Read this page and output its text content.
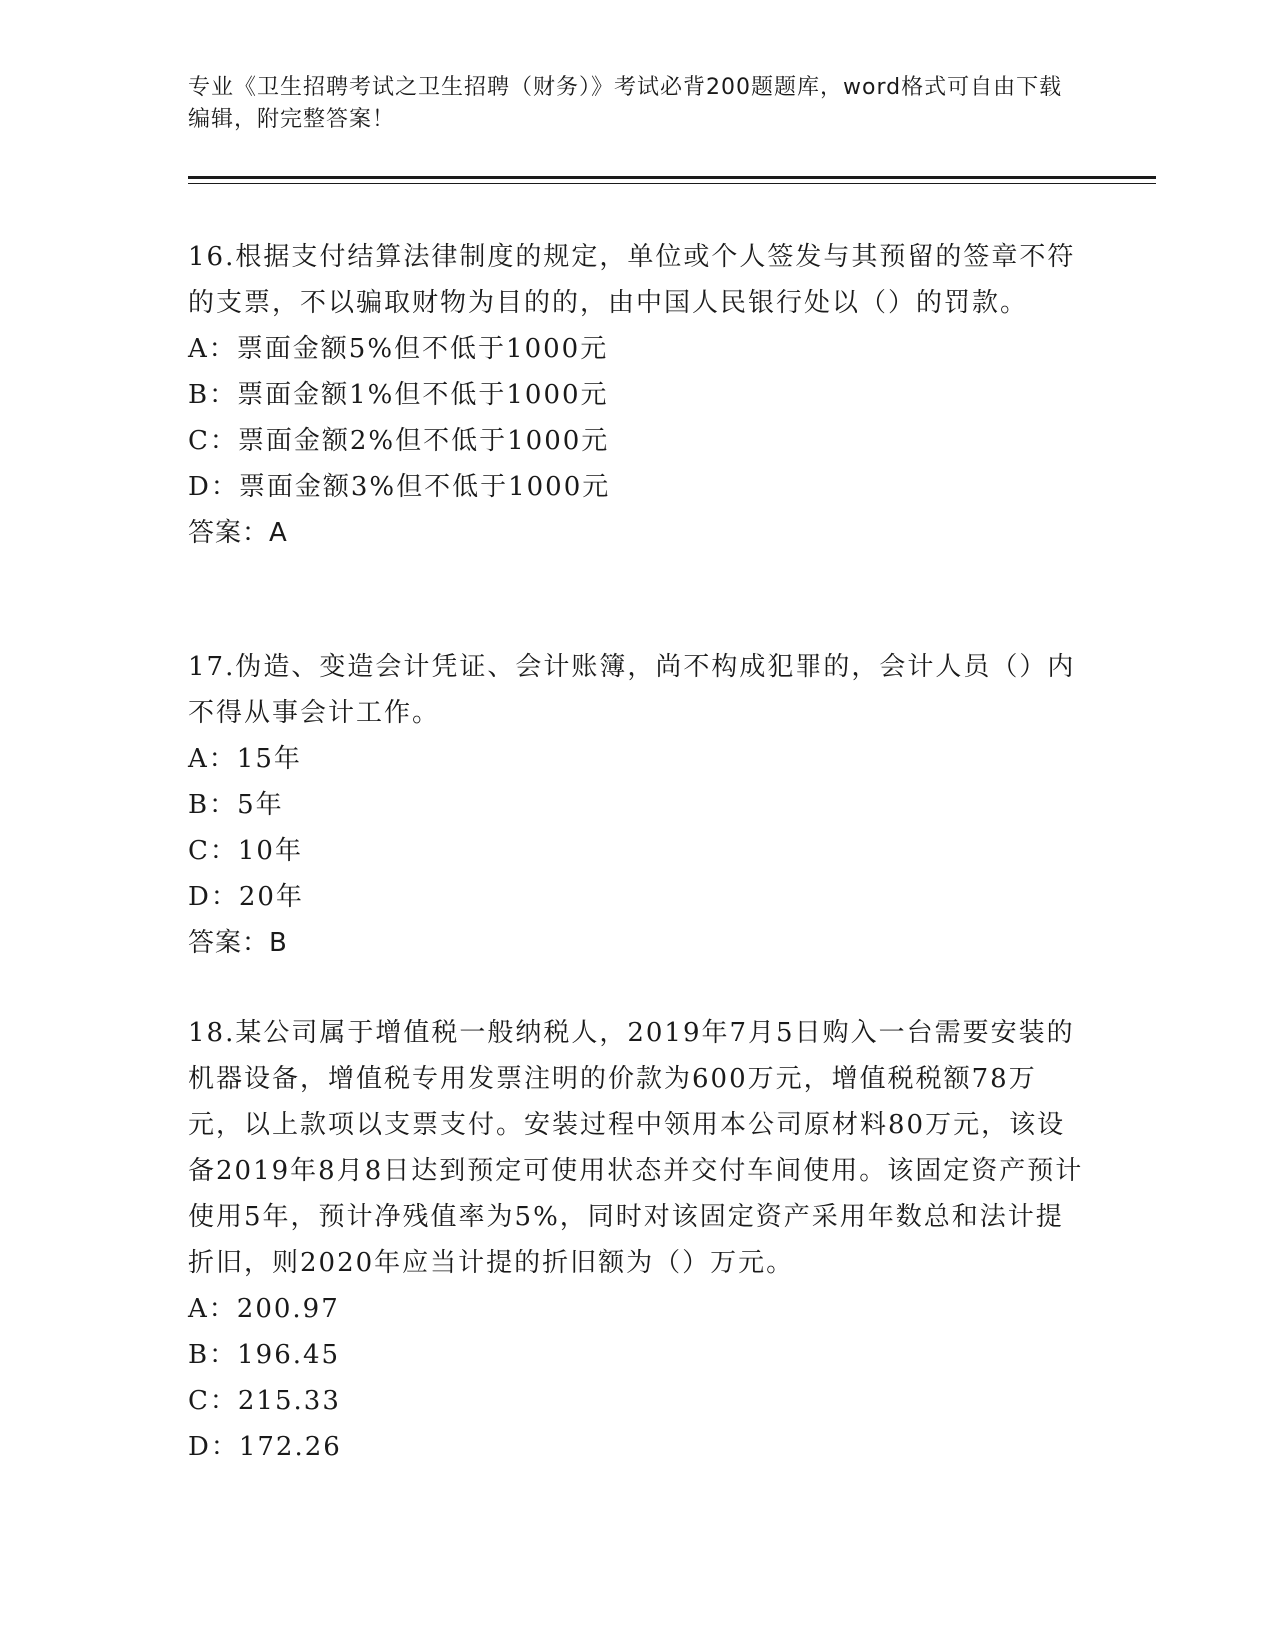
专业《卫生招聘考试之卫生招聘（财务）》考试必背200题题库，word格式可自由下载编辑，附完整答案！

16.根据支付结算法律制度的规定，单位或个人签发与其预留的签章不符的支票，不以骗取财物为目的的，由中国人民银行处以（）的罚款。

A：票面金额5%但不低于1000元

B：票面金额1%但不低于1000元

C：票面金额2%但不低于1000元

D：票面金额3%但不低于1000元

答案：A

17.伪造、变造会计凭证、会计账簿，尚不构成犯罪的，会计人员（）内不得从事会计工作。

A：15年

B：5年

C：10年

D：20年

答案：B

18.某公司属于增值税一般纳税人，2019年7月5日购入一台需要安装的机器设备，增值税专用发票注明的价款为600万元，增值税税额78万元，以上款项以支票支付。安装过程中领用本公司原材料80万元，该设备2019年8月8日达到预定可使用状态并交付车间使用。该固定资产预计使用5年，预计净残值率为5%，同时对该固定资产采用年数总和法计提折旧，则2020年应当计提的折旧额为（）万元。

A：200.97

B：196.45

C：215.33

D：172.26
